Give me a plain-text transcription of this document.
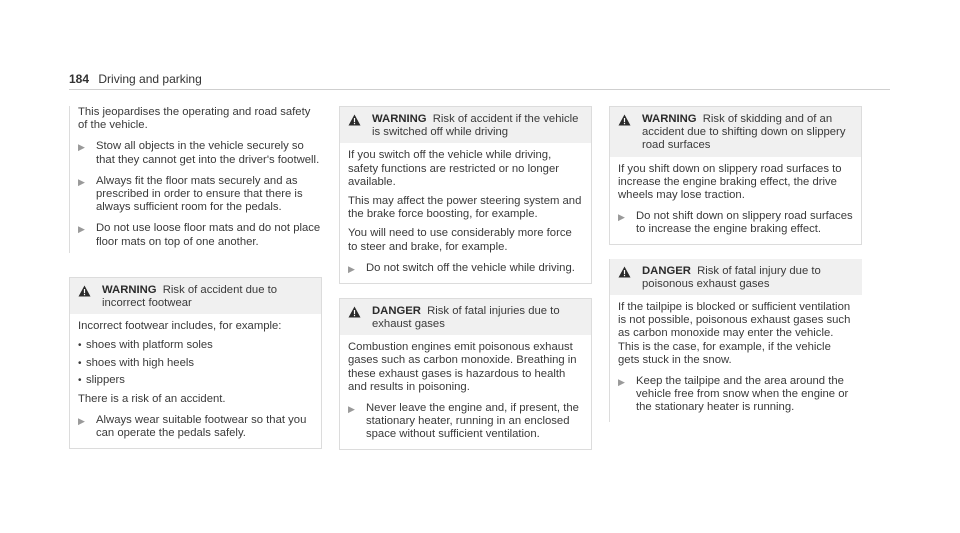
184 Driving and parking

This jeopardises the operating and road safety of the vehicle.

▶ Stow all objects in the vehicle securely so that they cannot get into the driver's footwell.
▶ Always fit the floor mats securely and as prescribed in order to ensure that there is always sufficient room for the pedals.
▶ Do not use loose floor mats and do not place floor mats on top of one another.
WARNING Risk of accident due to incorrect footwear

Incorrect footwear includes, for example:

• shoes with platform soles
• shoes with high heels
• slippers

There is a risk of an accident.

▶ Always wear suitable footwear so that you can operate the pedals safely.
WARNING Risk of accident if the vehicle is switched off while driving

If you switch off the vehicle while driving, safety functions are restricted or no longer available.

This may affect the power steering system and the brake force boosting, for example.

You will need to use considerably more force to steer and brake, for example.

▶ Do not switch off the vehicle while driving.
DANGER Risk of fatal injuries due to exhaust gases

Combustion engines emit poisonous exhaust gases such as carbon monoxide. Breathing in these exhaust gases is hazardous to health and results in poisoning.

▶ Never leave the engine and, if present, the stationary heater, running in an enclosed space without sufficient ventilation.
WARNING Risk of skidding and of an accident due to shifting down on slippery road surfaces

If you shift down on slippery road surfaces to increase the engine braking effect, the drive wheels may lose traction.

▶ Do not shift down on slippery road surfaces to increase the engine braking effect.
DANGER Risk of fatal injury due to poisonous exhaust gases

If the tailpipe is blocked or sufficient ventilation is not possible, poisonous exhaust gases such as carbon monoxide may enter the vehicle. This is the case, for example, if the vehicle gets stuck in the snow.

▶ Keep the tailpipe and the area around the vehicle free from snow when the engine or the stationary heater is running.
